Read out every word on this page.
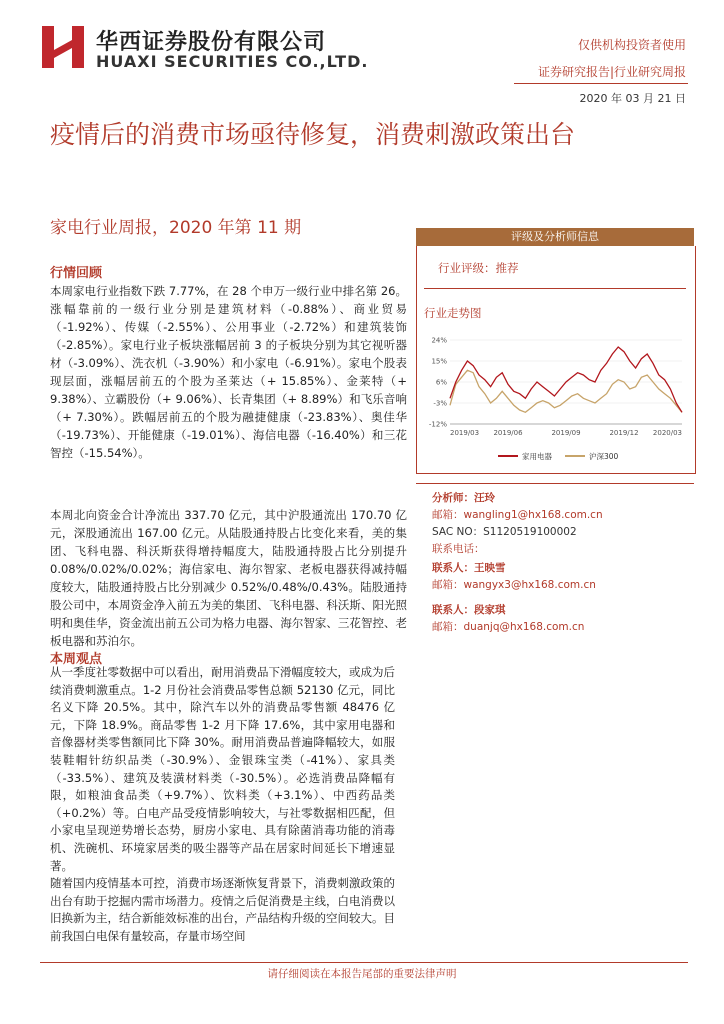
华西证券股份有限公司
HUAXI SECURITIES CO.,LTD.
仅供机构投资者使用
证券研究报告|行业研究周报
2020 年 03 月 21 日
疫情后的消费市场亟待修复，消费刺激政策出台
家电行业周报，2020 年第 11 期
行情回顾

本周家电行业指数下跌 7.77%，在 28 个申万一级行业中排名第 26。涨幅靠前的一级行业分别是建筑材料（-0.88%）、商业贸易（-1.92%）、传媒（-2.55%）、公用事业（-2.72%）和建筑装饰（-2.85%）。家电行业子板块涨幅居前 3 的子板块分别为其它视听器材（-3.09%）、洗衣机（-3.90%）和小家电（-6.91%）。家电个股表现层面，涨幅居前五的个股为圣莱达（+ 15.85%）、金莱特（+ 9.38%）、立霸股份（+ 9.06%）、长青集团（+ 8.89%）和飞乐音响（+ 7.30%）。跌幅居前五的个股为融捷健康（-23.83%）、奥佳华（-19.73%）、开能健康（-19.01%）、海信电器（-16.40%）和三花智控（-15.54%）。

本周北向资金合计净流出 337.70 亿元，其中沪股通流出 170.70 亿元，深股通流出 167.00 亿元。从陆股通持股占比变化来看，美的集团、飞科电器、科沃斯获得增持幅度大，陆股通持股占比分别提升 0.08%/0.02%/0.02%；海信家电、海尔智家、老板电器获得减持幅度较大，陆股通持股占比分别减少 0.52%/0.48%/0.43%。陆股通持股公司中，本周资金净入前五为美的集团、飞科电器、科沃斯、阳光照明和奥佳华，资金流出前五公司为格力电器、海尔智家、三花智控、老板电器和苏泊尔。

本周观点

从一季度社零数据中可以看出，耐用消费品下滑幅度较大，或成为后续消费刺激重点。1-2 月份社会消费品零售总额 52130 亿元，同比名义下降 20.5%。其中，除汽车以外的消费品零售额 48476 亿元，下降 18.9%。商品零售 1-2 月下降 17.6%，其中家用电器和音像器材类零售额同比下降 30%。耐用消费品普遍降幅较大，如服装鞋帽针纺织品类（-30.9%）、金银珠宝类（-41%）、家具类（-33.5%）、建筑及装潢材料类（-30.5%）。必选消费品降幅有限，如粮油食品类（+9.7%）、饮料类（+3.1%）、中西药品类（+0.2%）等。白电产品受疫情影响较大，与社零数据相匹配，但小家电呈现逆势增长态势，厨房小家电、具有除菌消毒功能的消毒机、洗碗机、环境家居类的吸尘器等产品在居家时间延长下增速显著。

随着国内疫情基本可控，消费市场逐渐恢复背景下，消费刺激政策的出台有助于挖掘内需市场潜力。疫情之后促消费是主线，白电消费以旧换新为主，结合新能效标准的出台，产品结构升级的空间较大。目前我国白电保有量较高，存量市场空间

评级及分析师信息
行业评级：推荐
行业走势图
24%
15%
6%
-3%
-12%
2019/03 2019/06	2019/09	2019/12 2020/03
家用电器	沪深300
分析师：汪玲
邮箱：wangling1@hx168.com.cn
SAC NO：S1120519100002
联系电话：
联系人：王映雪
邮箱：wangyx3@hx168.com.cn
联系人：段家琪
邮箱：duanjq@hx168.com.cn
请仔细阅读在本报告尾部的重要法律声明
